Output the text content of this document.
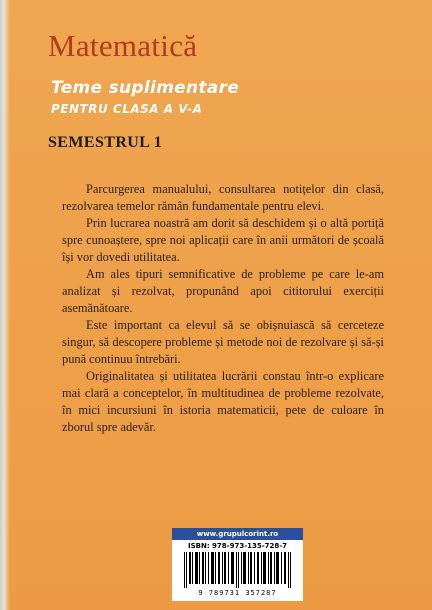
Matematică
Teme suplimentare
PENTRU CLASA A V-A
SEMESTRUL 1

Parcurgerea manualului, consultarea notițelor din clasă, rezolvarea temelor rămân fundamentale pentru elevi.

Prin lucrarea noastră am dorit să deschidem și o altă portiță spre cunoaștere, spre noi aplicații care în anii următori de școală își vor dovedi utilitatea.

Am ales tipuri semnificative de probleme pe care le-am analizat și rezolvat, propunând apoi cititorului exerciții asemănătoare.

Este important ca elevul să se obișnuiască să cerceteze singur, să descopere probleme și metode noi de rezolvare și să-și pună continuu întrebări.

Originalitatea și utilitatea lucrării constau într-o explicare mai clară a conceptelor, în multitudinea de probleme rezolvate, în mici incursiuni în istoria matematicii, pete de culoare în zborul spre adevăr.

www.grupulcorint.ro
ISBN: 978-973-135-728-7
9 789731 357287
